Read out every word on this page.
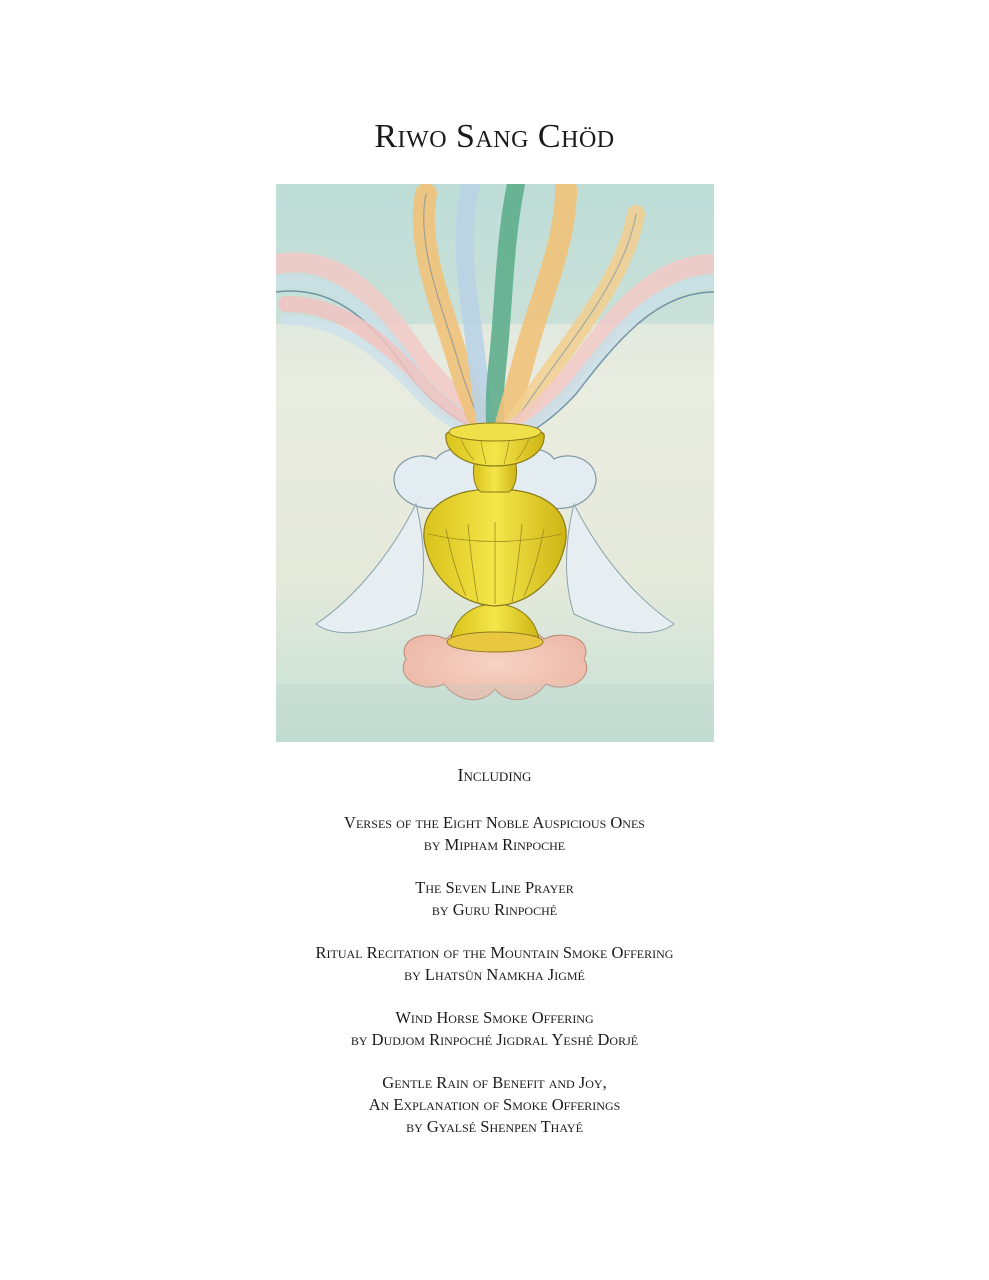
Riwo Sang Chöd
Including
Verses of the Eight Noble Auspicious Ones
by Mipham Rinpoche
The Seven Line Prayer
by Guru Rinpoché
Ritual Recitation of the Mountain Smoke Offering
by Lhatsün Namkha Jigmé
Wind Horse Smoke Offering
by Dudjom Rinpoché Jigdral Yeshé Dorjé
Gentle Rain of Benefit and Joy,
An Explanation of Smoke Offerings
by Gyalsé Shenpen Thayé
